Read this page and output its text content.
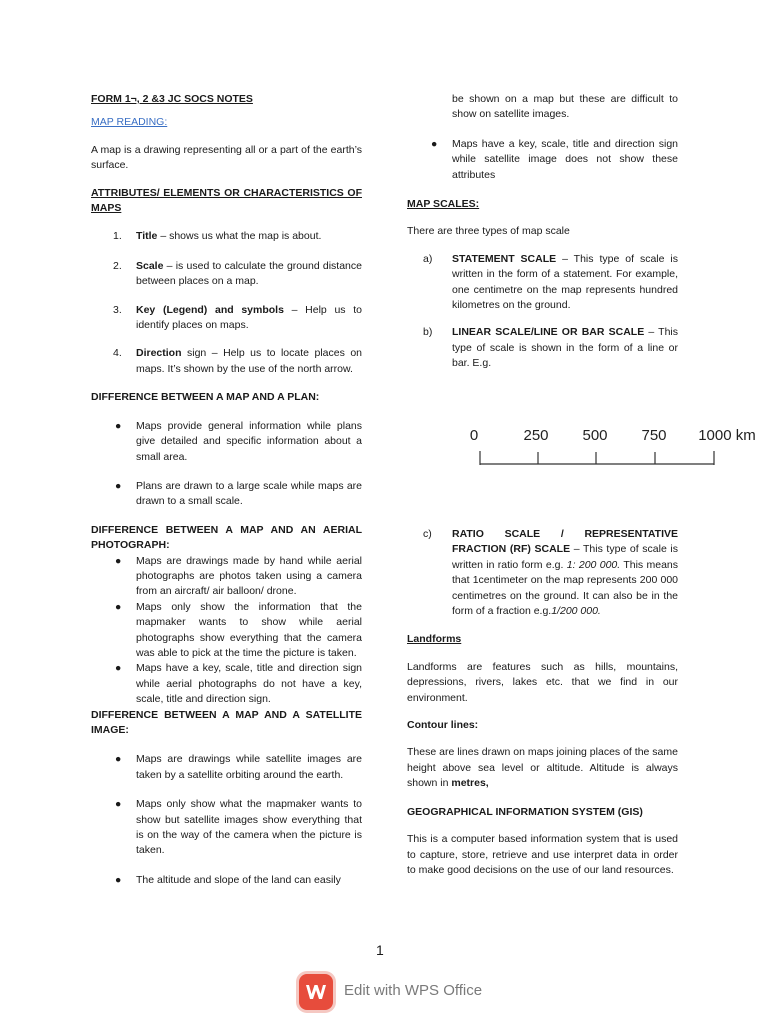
FORM 1¬, 2 &3 JC SOCS NOTES

MAP READING:

A map is a drawing representing all or a part of the earth’s surface.

ATTRIBUTES/ ELEMENTS OR CHARACTERISTICS OF MAPS

1. Title – shows us what the map is about.
2. Scale – is used to calculate the ground distance between places on a map.
3. Key (Legend) and symbols – Help us to identify places on maps.
4. Direction sign – Help us to locate places on maps. It’s shown by the use of the north arrow.

DIFFERENCE BETWEEN A MAP AND A PLAN:

● Maps provide general information while plans give detailed and specific information about a small area.
● Plans are drawn to a large scale while maps are drawn to a small scale.

DIFFERENCE BETWEEN A MAP AND AN AERIAL PHOTOGRAPH:

● Maps are drawings made by hand while aerial photographs are photos taken using a camera from an aircraft/ air balloon/ drone.
● Maps only show the information that the mapmaker wants to show while aerial photographs show everything that the camera was able to pick at the time the picture is taken.
● Maps have a key, scale, title and direction sign while aerial photographs do not have a key, scale, title and direction sign.

DIFFERENCE BETWEEN A MAP AND A SATELLITE IMAGE:

● Maps are drawings while satellite images are taken by a satellite orbiting around the earth.
● Maps only show what the mapmaker wants to show but satellite images show everything that is on the way of the camera when the picture is taken.
● The altitude and slope of the land can easily
be shown on a map but these are difficult to show on satellite images.
● Maps have a key, scale, title and direction sign while satellite image does not show these attributes

MAP SCALES:

There are three types of map scale

a) STATEMENT SCALE – This type of scale is written in the form of a statement. For example, one centimetre on the map represents hundred kilometres on the ground.
b) LINEAR SCALE/LINE OR BAR SCALE – This type of scale is shown in the form of a line or bar. E.g.
0	250 500 750 1000 km
c) RATIO SCALE / REPRESENTATIVE FRACTION (RF) SCALE – This type of scale is written in ratio form e.g. 1: 200 000. This means that 1centimeter on the map represents 200 000 centimetres on the ground. It can also be in the form of a fraction e.g.1/200 000.

Landforms

Landforms are features such as hills, mountains, depressions, rivers, lakes etc. that we find in our environment.

Contour lines:

These are lines drawn on maps joining places of the same height above sea level or altitude. Altitude is always shown in metres,

GEOGRAPHICAL INFORMATION SYSTEM (GIS)

This is a computer based information system that is used to capture, store, retrieve and use interpret data in order to make good decisions on the use of our land resources.

1
Edit with WPS Office
